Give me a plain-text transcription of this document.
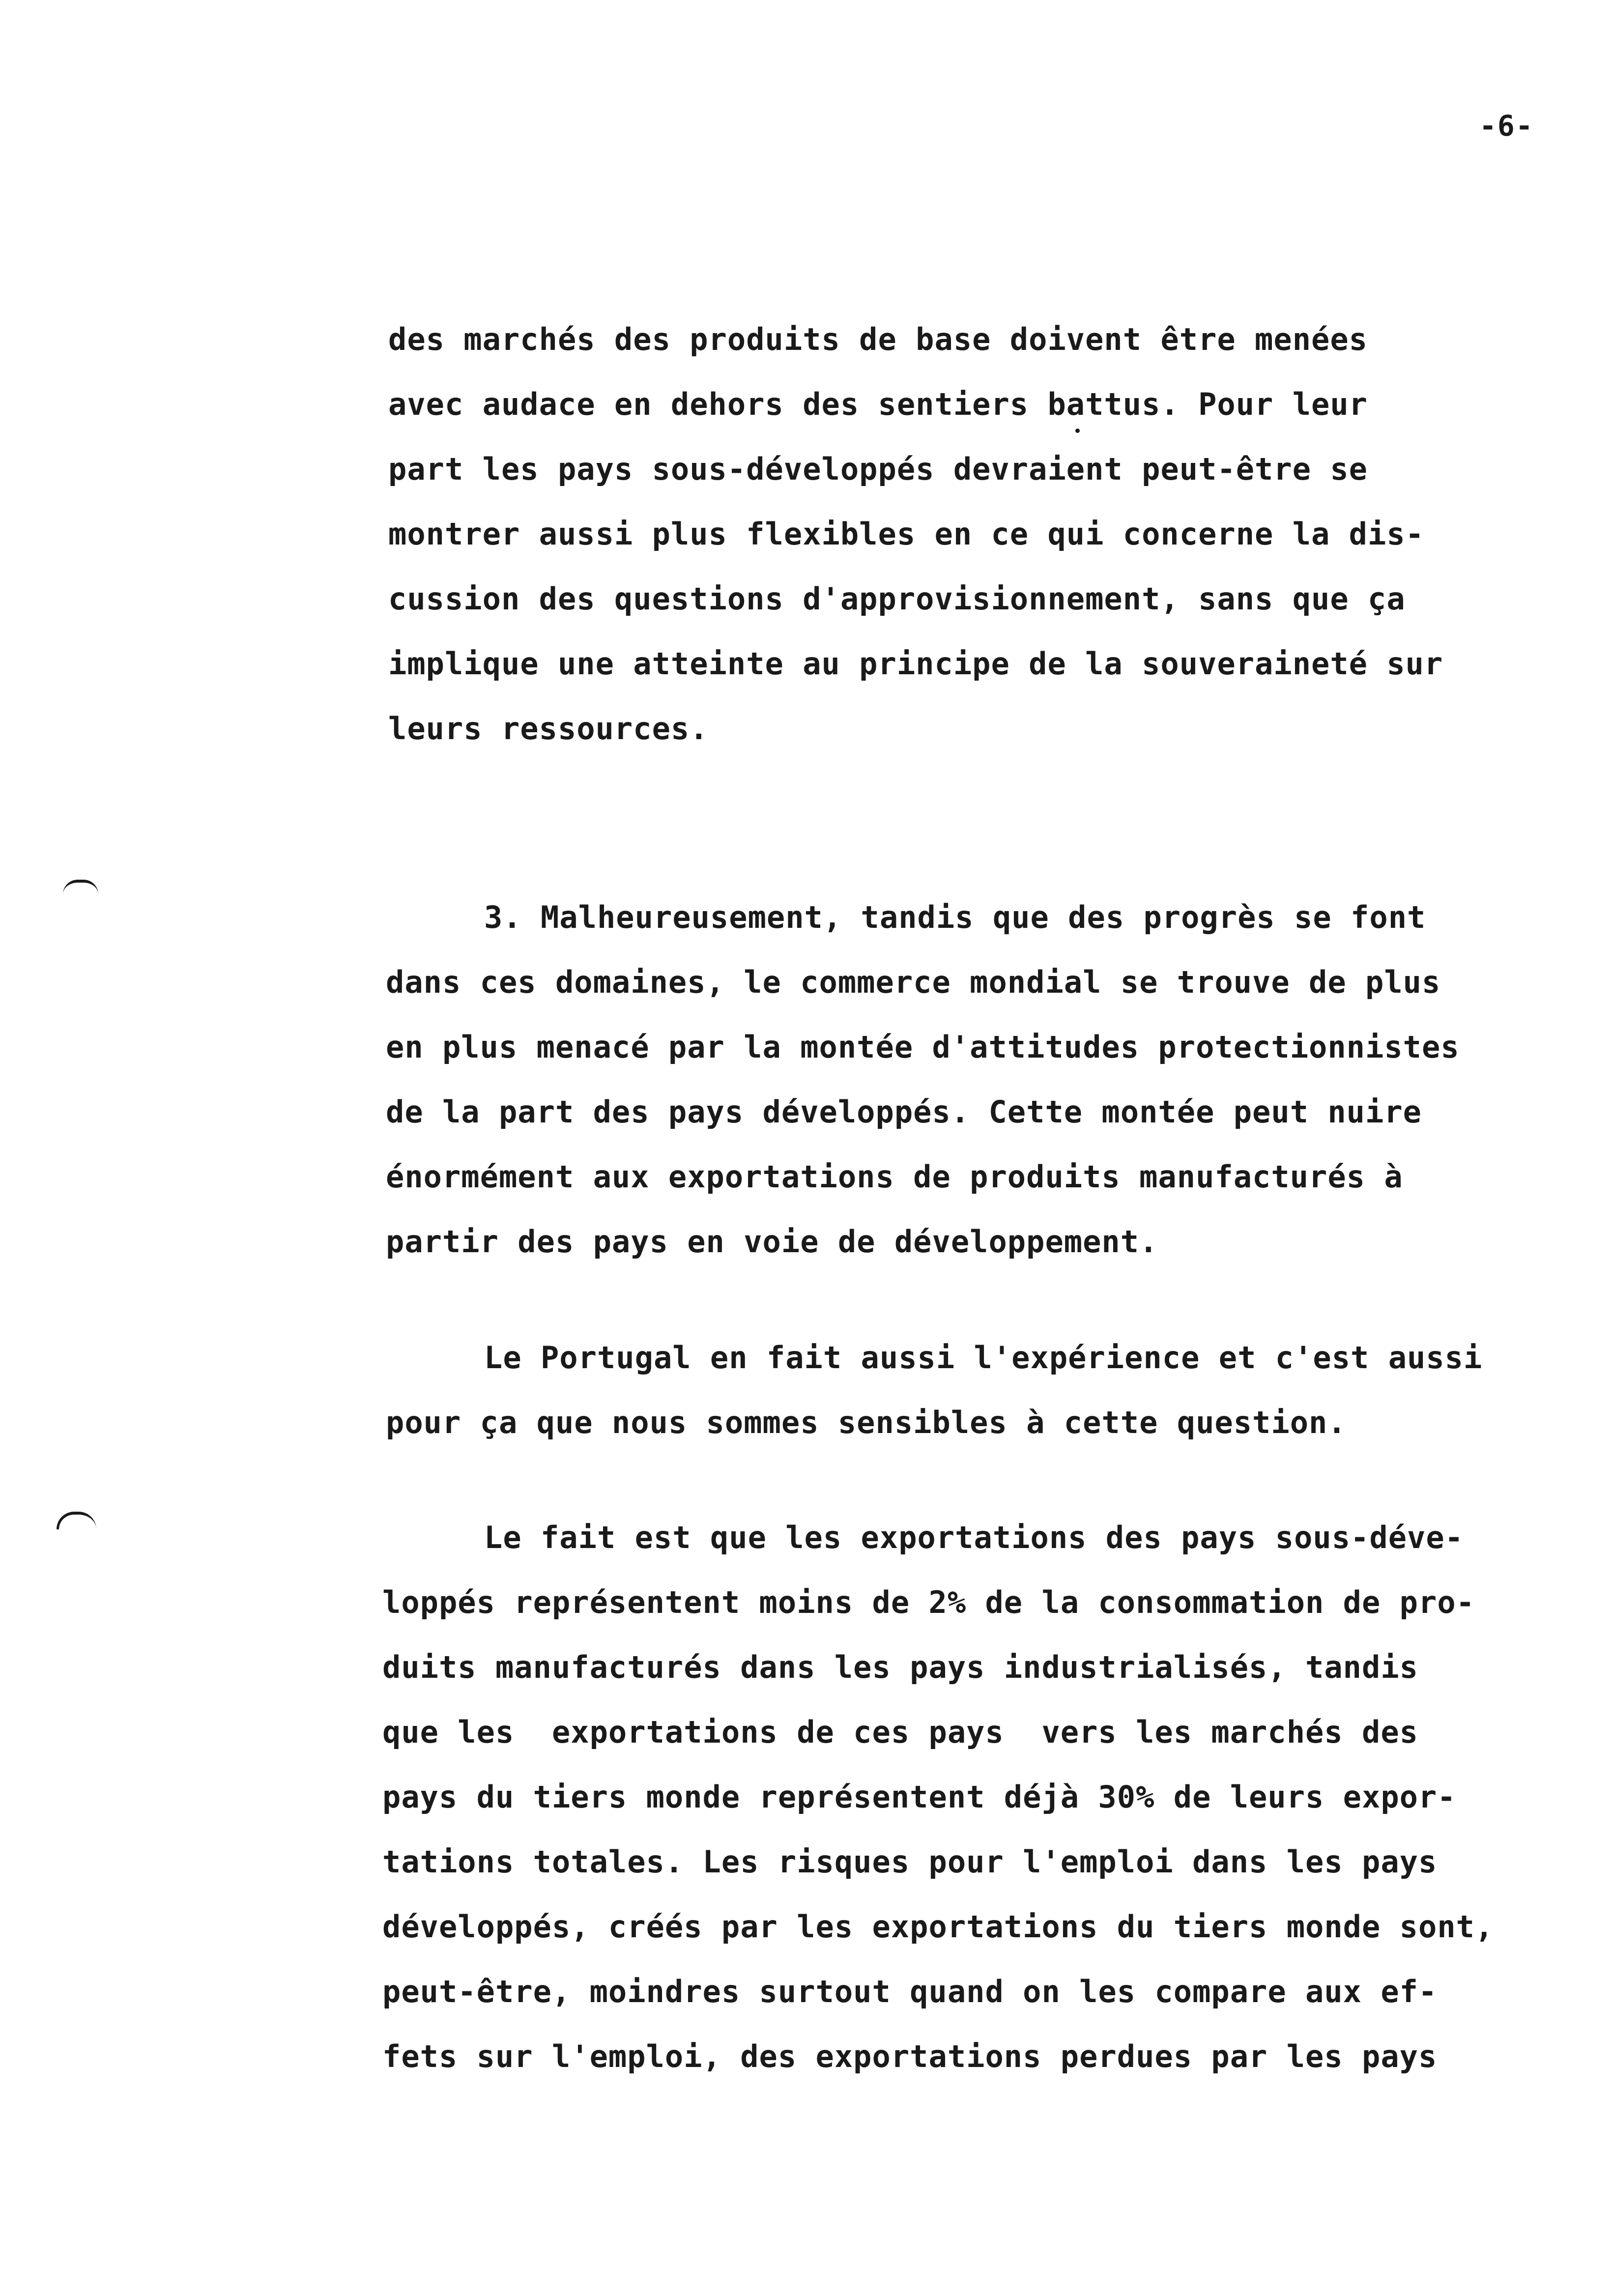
-6-
des marchés des produits de base doivent être menées
avec audace en dehors des sentiers battus. Pour leur
part les pays sous-développés devraient peut-être se
montrer aussi plus flexibles en ce qui concerne la dis-
cussion des questions d'approvisionnement, sans que ça
implique une atteinte au principe de la souveraineté sur
leurs ressources.
3. Malheureusement, tandis que des progrès se font
dans ces domaines, le commerce mondial se trouve de plus
en plus menacé par la montée d'attitudes protectionnistes
de la part des pays développés. Cette montée peut nuire
énormément aux exportations de produits manufacturés à
partir des pays en voie de développement.
Le Portugal en fait aussi l'expérience et c'est aussi
pour ça que nous sommes sensibles à cette question.
Le fait est que les exportations des pays sous-déve-
loppés représentent moins de 2% de la consommation de pro-
duits manufacturés dans les pays industrialisés, tandis
que les  exportations de ces pays  vers les marchés des
pays du tiers monde représentent déjà 30% de leurs expor-
tations totales. Les risques pour l'emploi dans les pays
développés, créés par les exportations du tiers monde sont,
peut-être, moindres surtout quand on les compare aux ef-
fets sur l'emploi, des exportations perdues par les pays
